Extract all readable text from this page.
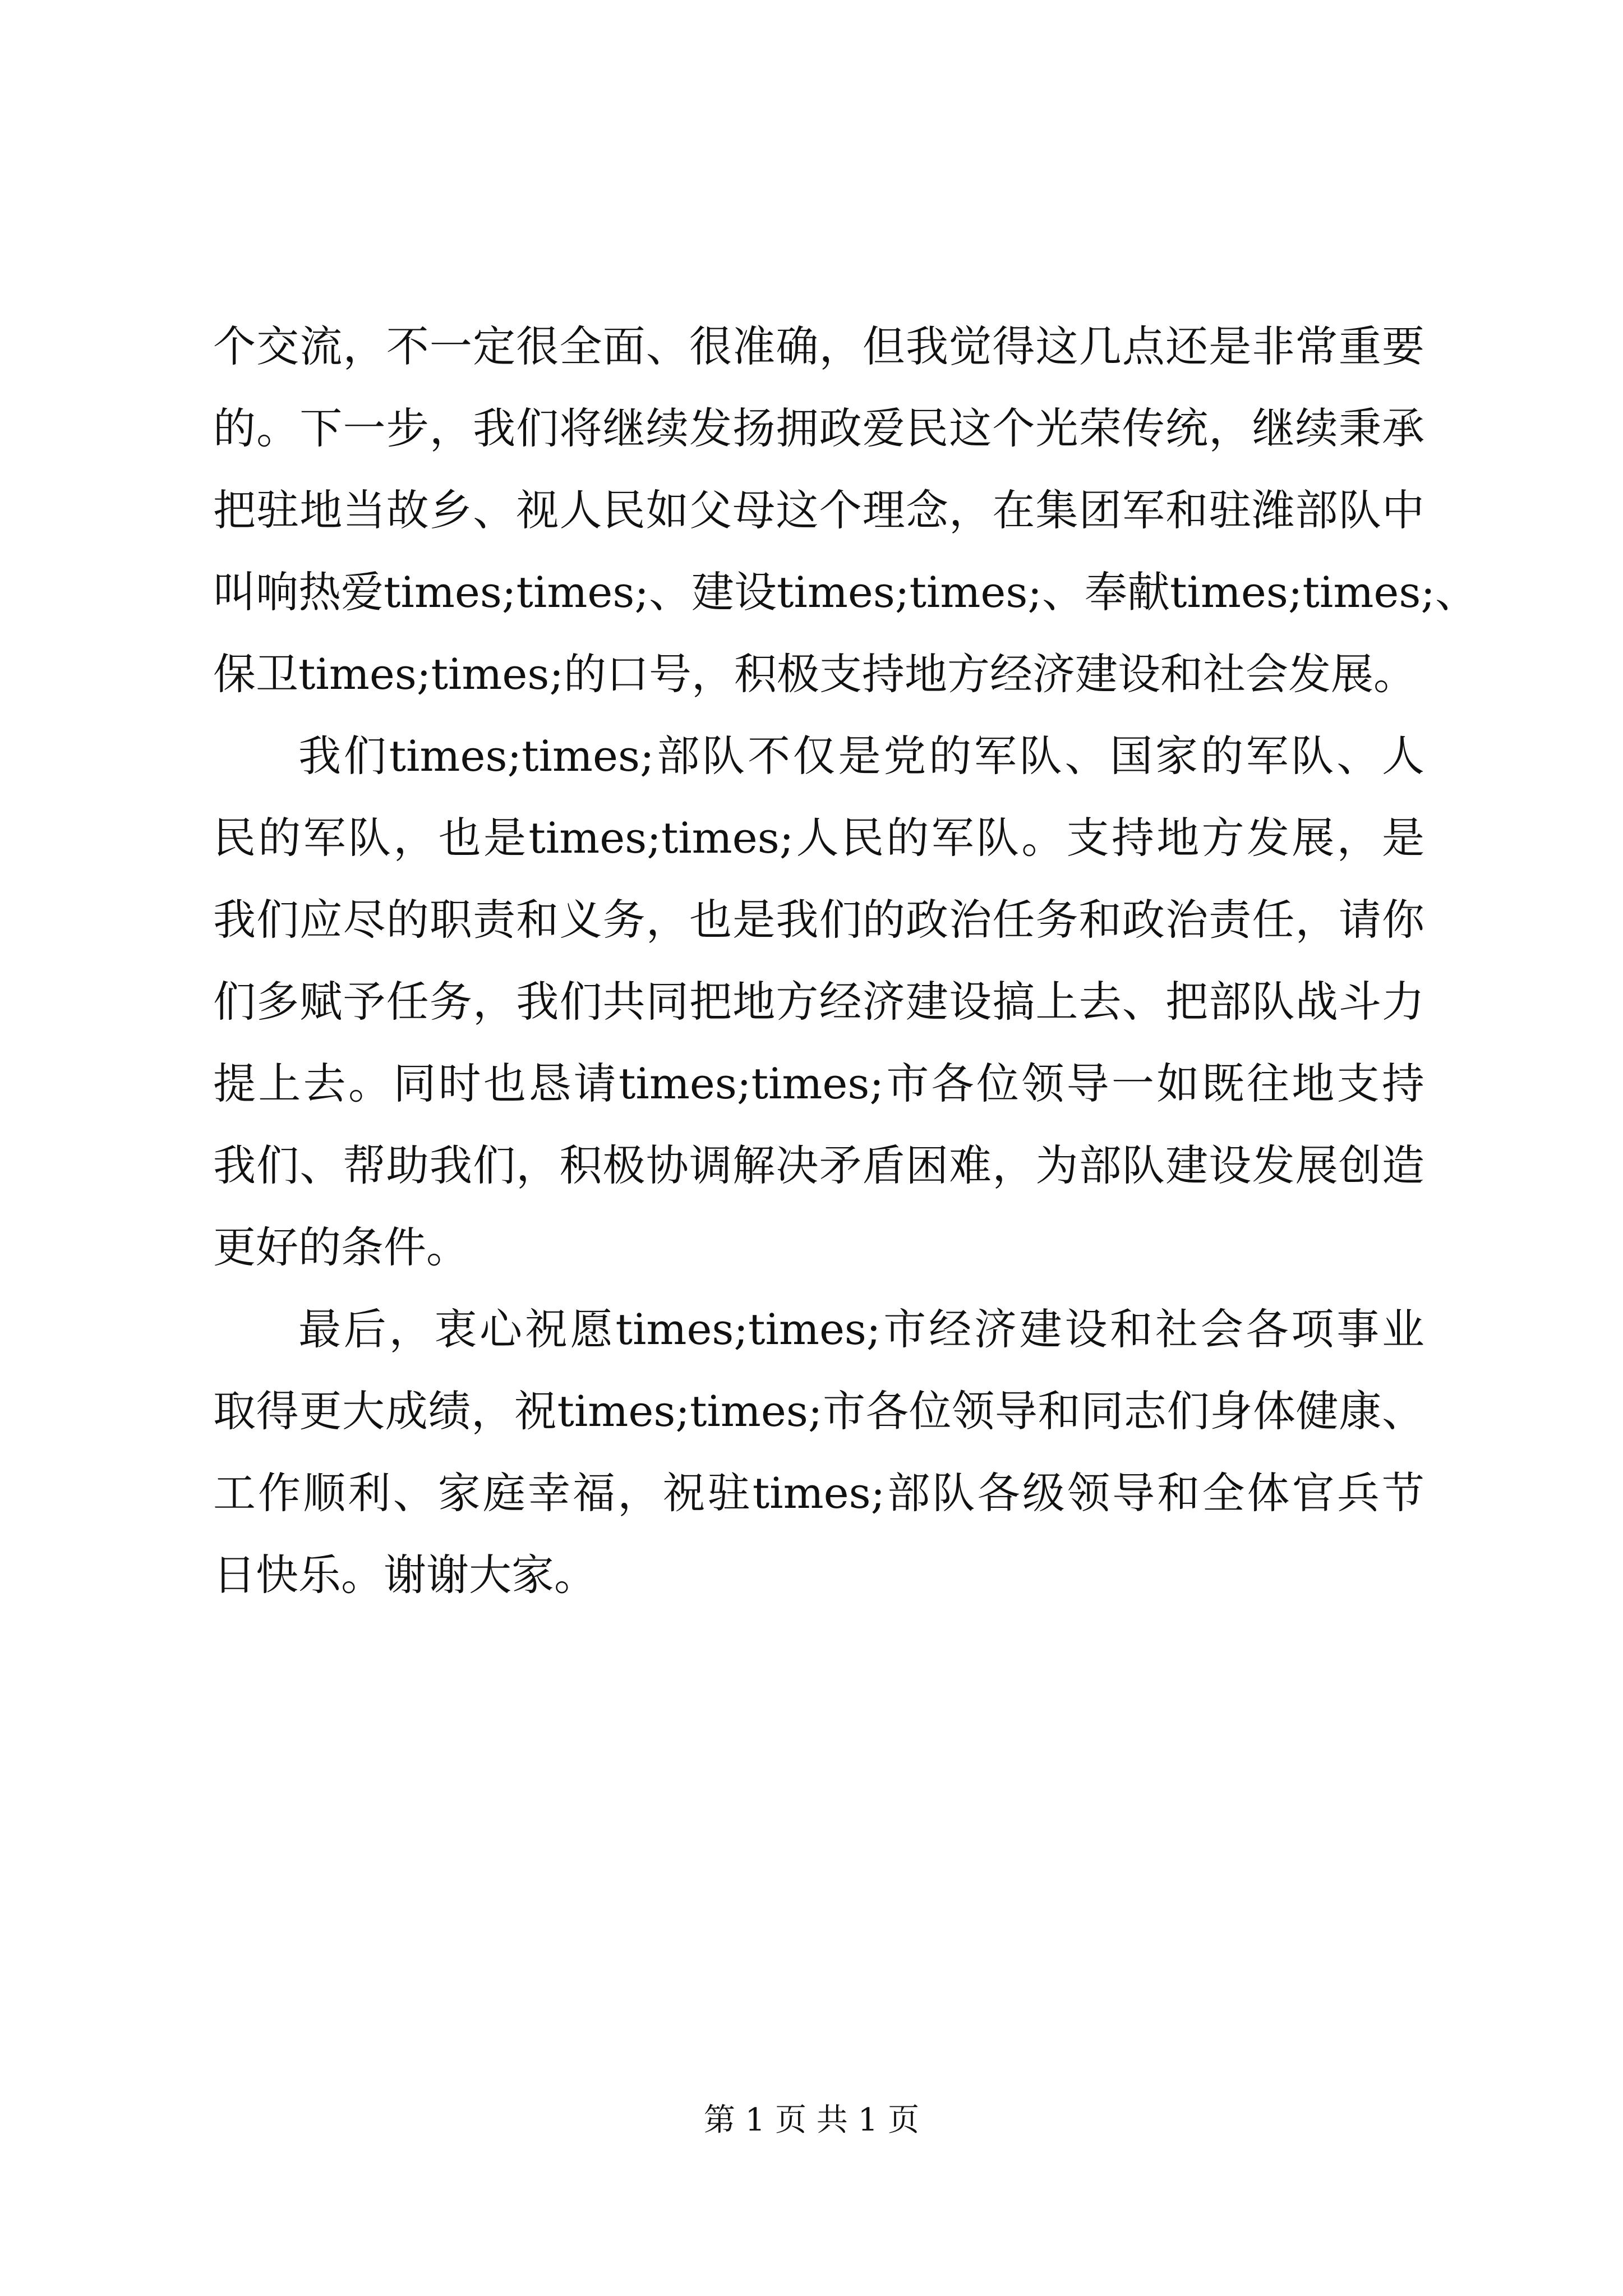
个交流，不一定很全面、很准确，但我觉得这几点还是非常重要
的。下一步，我们将继续发扬拥政爱民这个光荣传统，继续秉承
把驻地当故乡、视人民如父母这个理念，在集团军和驻潍部队中
叫响热爱times;times;、建设times;times;、奉献times;times;、
保卫times;times;的口号，积极支持地方经济建设和社会发展。
我们times;times;部队不仅是党的军队、国家的军队、人
民的军队，也是times;times;人民的军队。支持地方发展，是
我们应尽的职责和义务，也是我们的政治任务和政治责任，请你
们多赋予任务，我们共同把地方经济建设搞上去、把部队战斗力
提上去。同时也恳请times;times;市各位领导一如既往地支持
我们、帮助我们，积极协调解决矛盾困难，为部队建设发展创造
更好的条件。
最后，衷心祝愿times;times;市经济建设和社会各项事业
取得更大成绩，祝times;times;市各位领导和同志们身体健康、
工作顺利、家庭幸福，祝驻times;部队各级领导和全体官兵节
日快乐。谢谢大家。
第 1 页 共 1 页
